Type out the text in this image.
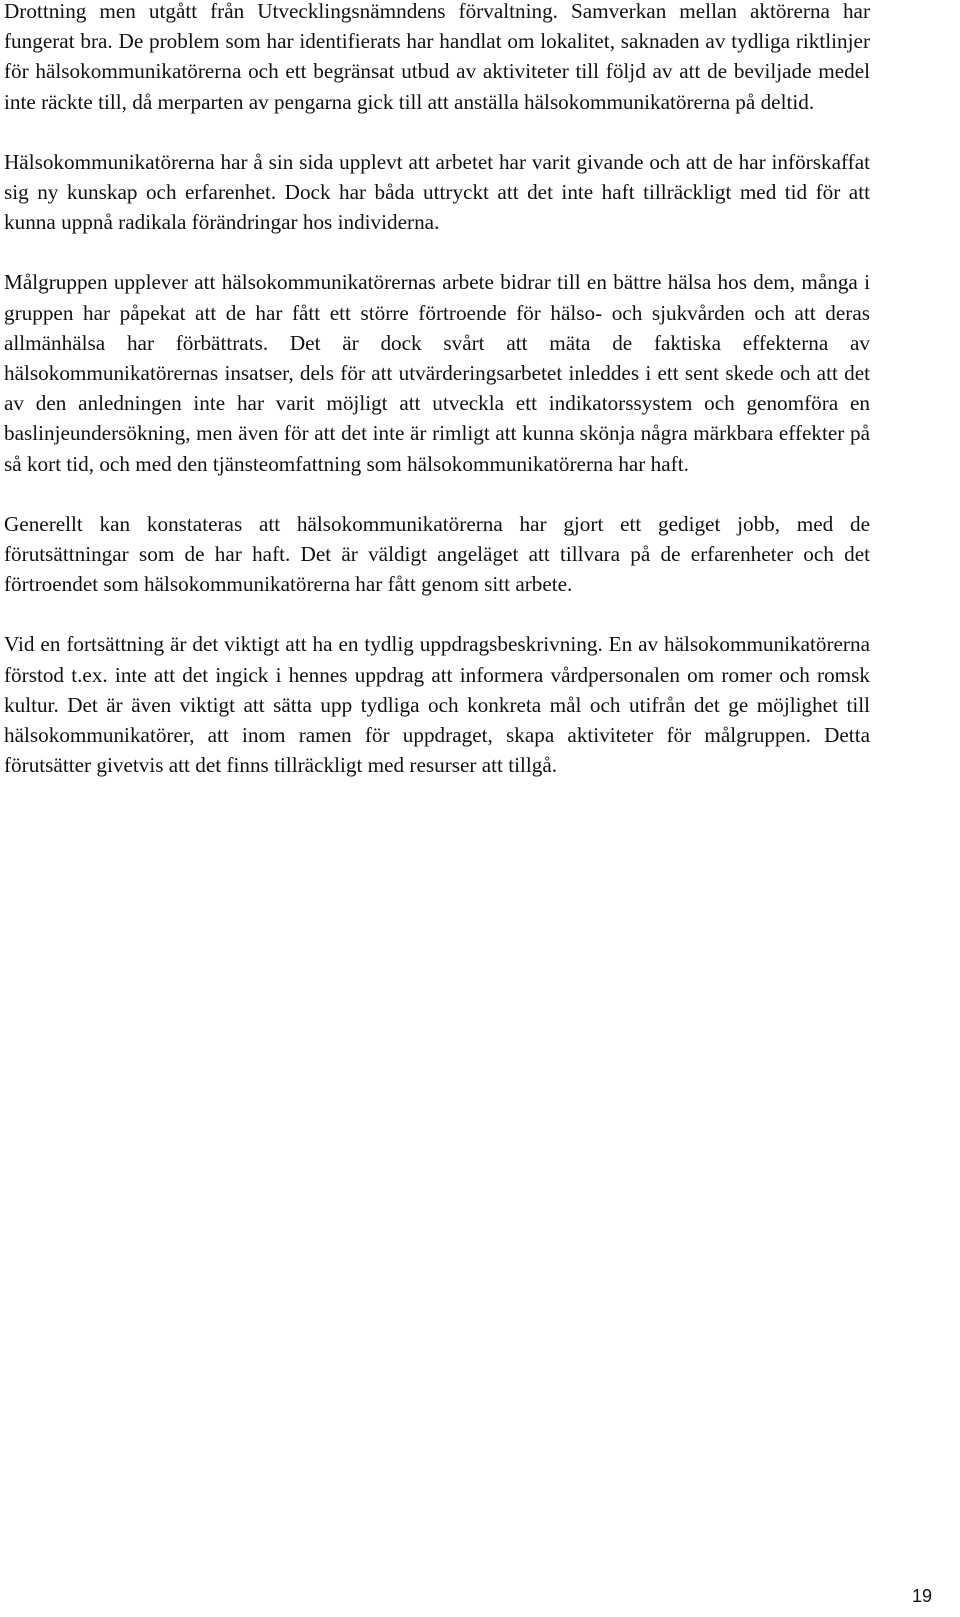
Drottning men utgått från Utvecklingsnämndens förvaltning. Samverkan mellan aktörerna har fungerat bra. De problem som har identifierats har handlat om lokalitet, saknaden av tydliga riktlinjer för hälsokommunikatörerna och ett begränsat utbud av aktiviteter till följd av att de beviljade medel inte räckte till, då merparten av pengarna gick till att anställa hälsokommunikatörerna på deltid.

Hälsokommunikatörerna har å sin sida upplevt att arbetet har varit givande och att de har införskaffat sig ny kunskap och erfarenhet. Dock har båda uttryckt att det inte haft tillräckligt med tid för att kunna uppnå radikala förändringar hos individerna.

Målgruppen upplever att hälsokommunikatörernas arbete bidrar till en bättre hälsa hos dem, många i gruppen har påpekat att de har fått ett större förtroende för hälso- och sjukvården och att deras allmänhälsa har förbättrats. Det är dock svårt att mäta de faktiska effekterna av hälsokommunikatörernas insatser, dels för att utvärderingsarbetet inleddes i ett sent skede och att det av den anledningen inte har varit möjligt att utveckla ett indikatorssystem och genomföra en baslinjeundersökning, men även för att det inte är rimligt att kunna skönja några märkbara effekter på så kort tid, och med den tjänsteomfattning som hälsokommunikatörerna har haft.

Generellt kan konstateras att hälsokommunikatörerna har gjort ett gediget jobb, med de förutsättningar som de har haft. Det är väldigt angeläget att tillvara på de erfarenheter och det förtroendet som hälsokommunikatörerna har fått genom sitt arbete.

Vid en fortsättning är det viktigt att ha en tydlig uppdragsbeskrivning. En av hälsokommunikatörerna förstod t.ex. inte att det ingick i hennes uppdrag att informera vårdpersonalen om romer och romsk kultur. Det är även viktigt att sätta upp tydliga och konkreta mål och utifrån det ge möjlighet till hälsokommunikatörer, att inom ramen för uppdraget, skapa aktiviteter för målgruppen. Detta förutsätter givetvis att det finns tillräckligt med resurser att tillgå.

19
